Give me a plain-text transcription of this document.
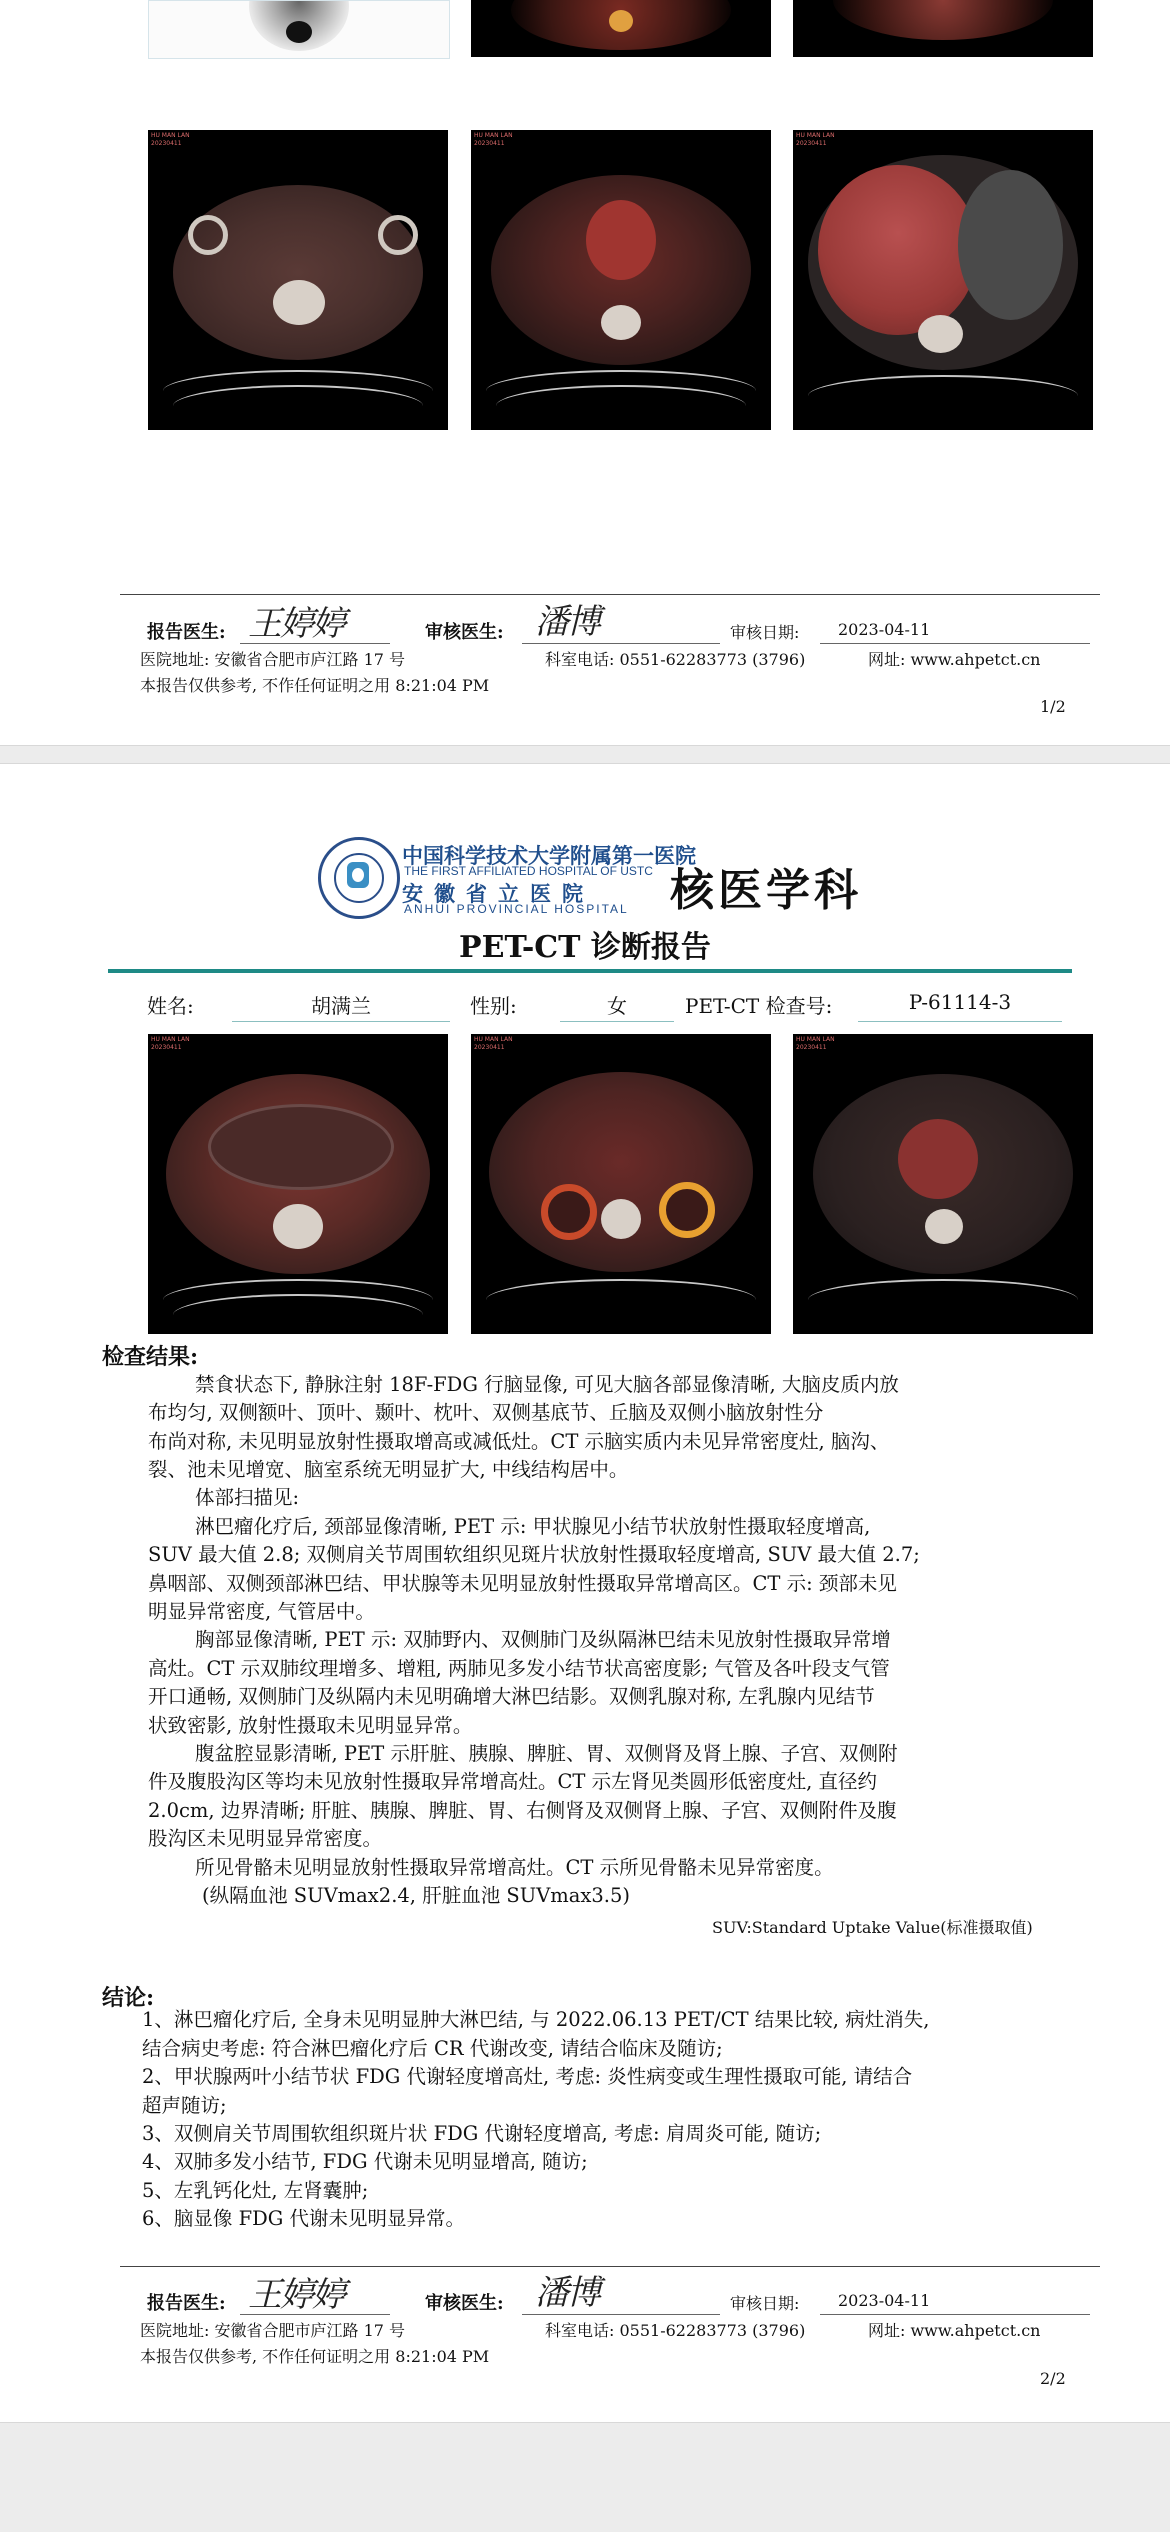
HU MAN LAN
20230411
HU MAN LAN
20230411
HU MAN LAN
20230411
报告医生: 王婷婷	审核医生: 潘博	审核日期: 2023-04-11
医院地址: 安徽省合肥市庐江路 17 号	科室电话: 0551-62283773 (3796)	网址: www.ahpetct.cn
本报告仅供参考, 不作任何证明之用 8:21:04 PM
1/2
中国科学技术大学附属第一医院
THE FIRST AFFILIATED HOSPITAL OF USTC
安徽省立医院
ANHUI PROVINCIAL HOSPITAL 核医学科
PET-CT 诊断报告
姓名:	胡满兰	性别:	女	PET-CT 检查号:	P-61114-3
HU MAN LAN
20230411
HU MAN LAN
20230411
HU MAN LAN
20230411
检查结果:
禁食状态下, 静脉注射 18F-FDG 行脑显像, 可见大脑各部显像清晰, 大脑皮质内放
布均匀, 双侧额叶、顶叶、颞叶、枕叶、双侧基底节、丘脑及双侧小脑放射性分
布尚对称, 未见明显放射性摄取增高或减低灶。CT 示脑实质内未见异常密度灶, 脑沟、
裂、池未见增宽、脑室系统无明显扩大, 中线结构居中。
体部扫描见:
淋巴瘤化疗后, 颈部显像清晰, PET 示: 甲状腺见小结节状放射性摄取轻度增高,
SUV 最大值 2.8; 双侧肩关节周围软组织见斑片状放射性摄取轻度增高, SUV 最大值 2.7;
鼻咽部、双侧颈部淋巴结、甲状腺等未见明显放射性摄取异常增高区。CT 示: 颈部未见
明显异常密度, 气管居中。
胸部显像清晰, PET 示: 双肺野内、双侧肺门及纵隔淋巴结未见放射性摄取异常增
高灶。CT 示双肺纹理增多、增粗, 两肺见多发小结节状高密度影; 气管及各叶段支气管
开口通畅, 双侧肺门及纵隔内未见明确增大淋巴结影。双侧乳腺对称, 左乳腺内见结节
状致密影, 放射性摄取未见明显异常。
腹盆腔显影清晰, PET 示肝脏、胰腺、脾脏、胃、双侧肾及肾上腺、子宫、双侧附
件及腹股沟区等均未见放射性摄取异常增高灶。CT 示左肾见类圆形低密度灶, 直径约
2.0cm, 边界清晰; 肝脏、胰腺、脾脏、胃、右侧肾及双侧肾上腺、子宫、双侧附件及腹
股沟区未见明显异常密度。
所见骨骼未见明显放射性摄取异常增高灶。CT 示所见骨骼未见异常密度。
(纵隔血池 SUVmax2.4, 肝脏血池 SUVmax3.5)
SUV:Standard Uptake Value(标准摄取值)
结论:
1、淋巴瘤化疗后, 全身未见明显肿大淋巴结, 与 2022.06.13 PET/CT 结果比较, 病灶消失,
结合病史考虑: 符合淋巴瘤化疗后 CR 代谢改变, 请结合临床及随访;
2、甲状腺两叶小结节状 FDG 代谢轻度增高灶, 考虑: 炎性病变或生理性摄取可能, 请结合
超声随访;
3、双侧肩关节周围软组织斑片状 FDG 代谢轻度增高, 考虑: 肩周炎可能, 随访;
4、双肺多发小结节, FDG 代谢未见明显增高, 随访;
5、左乳钙化灶, 左肾囊肿;
6、脑显像 FDG 代谢未见明显异常。
报告医生: 王婷婷	审核医生: 潘博	审核日期: 2023-04-11
医院地址: 安徽省合肥市庐江路 17 号	科室电话: 0551-62283773 (3796)	网址: www.ahpetct.cn
本报告仅供参考, 不作任何证明之用 8:21:04 PM
2/2
